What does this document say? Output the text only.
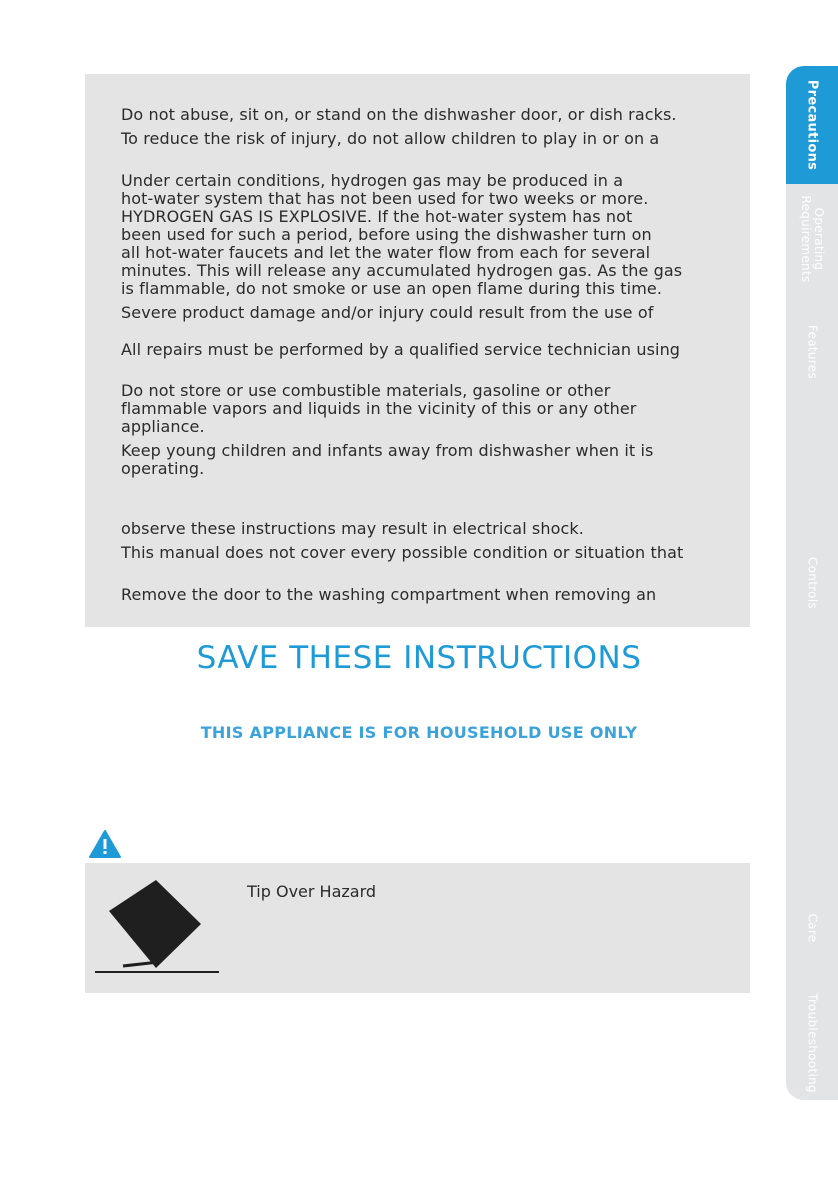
Do not abuse, sit on, or stand on the dishwasher door, or dish racks.
To reduce the risk of injury, do not allow children to play in or on a
Under certain conditions, hydrogen gas may be produced in a
hot-water system that has not been used for two weeks or more.
HYDROGEN GAS IS EXPLOSIVE. If the hot-water system has not
been used for such a period, before using the dishwasher turn on
all hot-water faucets and let the water flow from each for several
minutes. This will release any accumulated hydrogen gas. As the gas
is flammable, do not smoke or use an open flame during this time.
Severe product damage and/or injury could result from the use of
All repairs must be performed by a qualified service technician using
Do not store or use combustible materials, gasoline or other
flammable vapors and liquids in the vicinity of this or any other
appliance.
Keep young children and infants away from dishwasher when it is
operating.
observe these instructions may result in electrical shock.
This manual does not cover every possible condition or situation that
Remove the door to the washing compartment when removing an
SAVE THESE INSTRUCTIONS
THIS APPLIANCE IS FOR HOUSEHOLD USE ONLY
Tip Over Hazard
Precautions
Operating
Requirements
Features
Controls
Care
Troubleshooting
